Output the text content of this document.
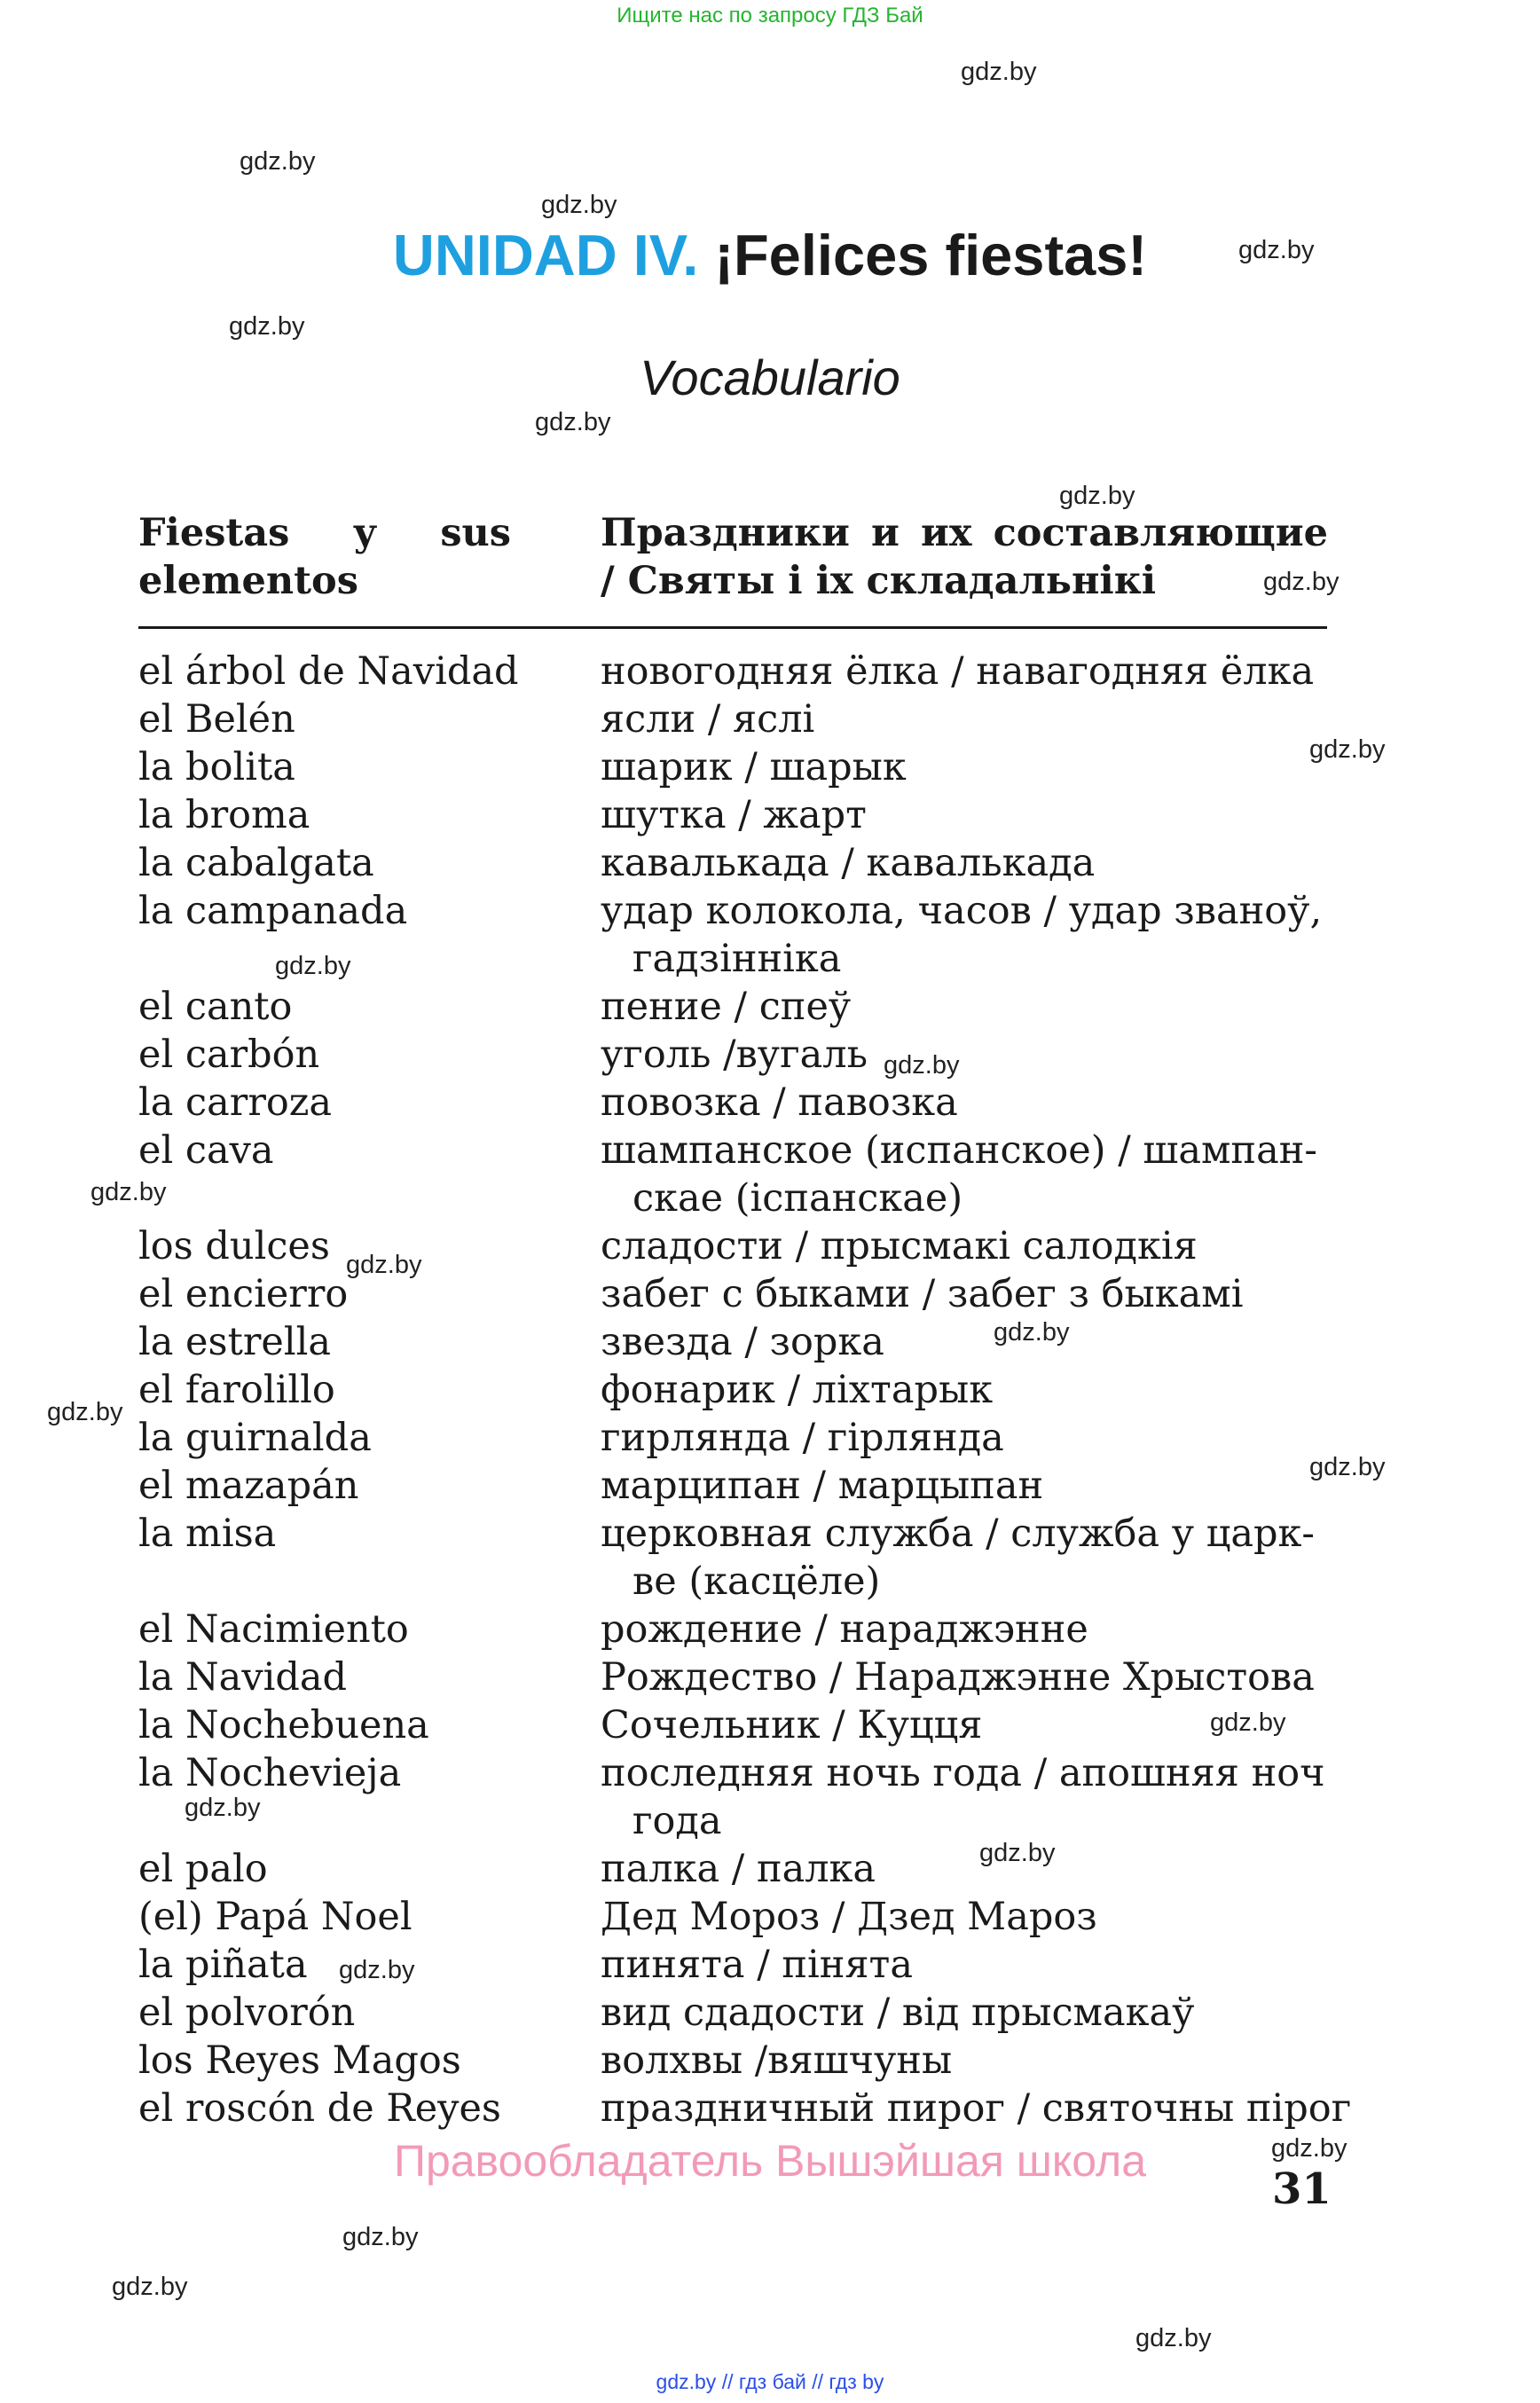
Ищите нас по запросу ГДЗ Бай
gdz.by
gdz.by
gdz.by
gdz.by
gdz.by
gdz.by
gdz.by
gdz.by
gdz.by
gdz.by
gdz.by
gdz.by
gdz.by
gdz.by
gdz.by
gdz.by
gdz.by
gdz.by
gdz.by
gdz.by
gdz.by
gdz.by
gdz.by
gdz.by
UNIDAD IV. ¡Felices fiestas!
Vocabulario
Fiestas y sus elementos
Праздники и их составляющие / Святы і іх складальнікі
el árbol de Navidad новогодняя ёлка / навагодняя ёлка
el Belén	ясли / яслі
la bolita	шарик / шарык
la broma	шутка / жарт
la cabalgata	кавалькада / кавалькада
la campanada	удар колокола, часов / удар званоў,
гадзінніка
el canto	пение / спеў
el carbón	уголь /вугаль
la carroza	повозка / павозка
el cava	шампанское (испанское) / шампан-
скае (іспанскае)
los dulces	сладости / прысмакі салодкія
el encierro	забег с быками / забег з быкамі
la estrella	звезда / зорка
el farolillo	фонарик / ліхтарык
la guirnalda	гирлянда / гірлянда
el mazapán	марципан / марцыпан
la misa	церковная служба / служба у царк-
ве (касцёле)
el Nacimiento	рождение / нараджэнне
la Navidad	Рождество / Нараджэнне Хрыстова
la Nochebuena	Сочельник / Куцця
la Nochevieja	последняя ночь года / апошняя ноч
года
el palo	палка / палка
(el) Papá Noel	Дед Мороз / Дзед Мароз
la piñata	пинята / пінята
el polvorón	вид сдадости / від прысмакаў
los Reyes Magos	волхвы /вяшчуны
el roscón de Reyes	праздничный пирог / святочны пірог
Правообладатель Вышэйшая школа
31
gdz.by // гдз бай // гдз by
